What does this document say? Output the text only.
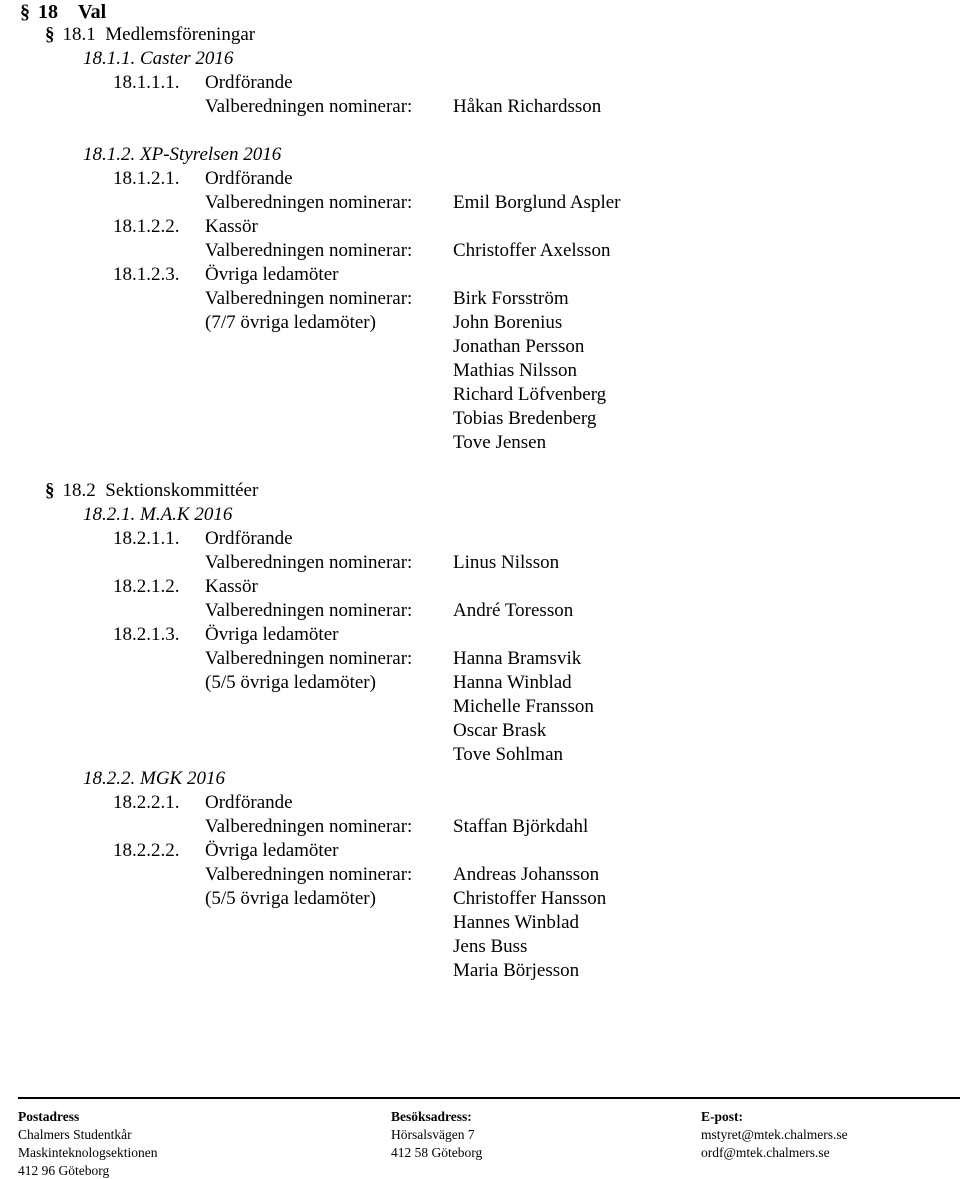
§ 18 Val
§ 18.1 Medlemsföreningar
18.1.1. Caster 2016
18.1.1.1. Ordförande
Valberedningen nominerar: Håkan Richardsson
18.1.2. XP-Styrelsen 2016
18.1.2.1. Ordförande
Valberedningen nominerar: Emil Borglund Aspler
18.1.2.2. Kassör
Valberedningen nominerar: Christoffer Axelsson
18.1.2.3. Övriga ledamöter
Valberedningen nominerar:
(7/7 övriga ledamöter)
Birk Forsström
John Borenius
Jonathan Persson
Mathias Nilsson
Richard Löfvenberg
Tobias Bredenberg
Tove Jensen
§ 18.2 Sektionskommittéer
18.2.1. M.A.K 2016
18.2.1.1. Ordförande
Valberedningen nominerar: Linus Nilsson
18.2.1.2. Kassör
Valberedningen nominerar: André Toresson
18.2.1.3. Övriga ledamöter
Valberedningen nominerar:
(5/5 övriga ledamöter)
Hanna Bramsvik
Hanna Winblad
Michelle Fransson
Oscar Brask
Tove Sohlman
18.2.2. MGK 2016
18.2.2.1. Ordförande
Valberedningen nominerar: Staffan Björkdahl
18.2.2.2. Övriga ledamöter
Valberedningen nominerar:
(5/5 övriga ledamöter)
Andreas Johansson
Christoffer Hansson
Hannes Winblad
Jens Buss
Maria Börjesson
Postadress
Chalmers Studentkår
Maskinteknologsektionen
412 96 Göteborg
Besöksadress:
Hörsalsvägen 7
412 58 Göteborg
E-post:
mstyret@mtek.chalmers.se
ordf@mtek.chalmers.se
